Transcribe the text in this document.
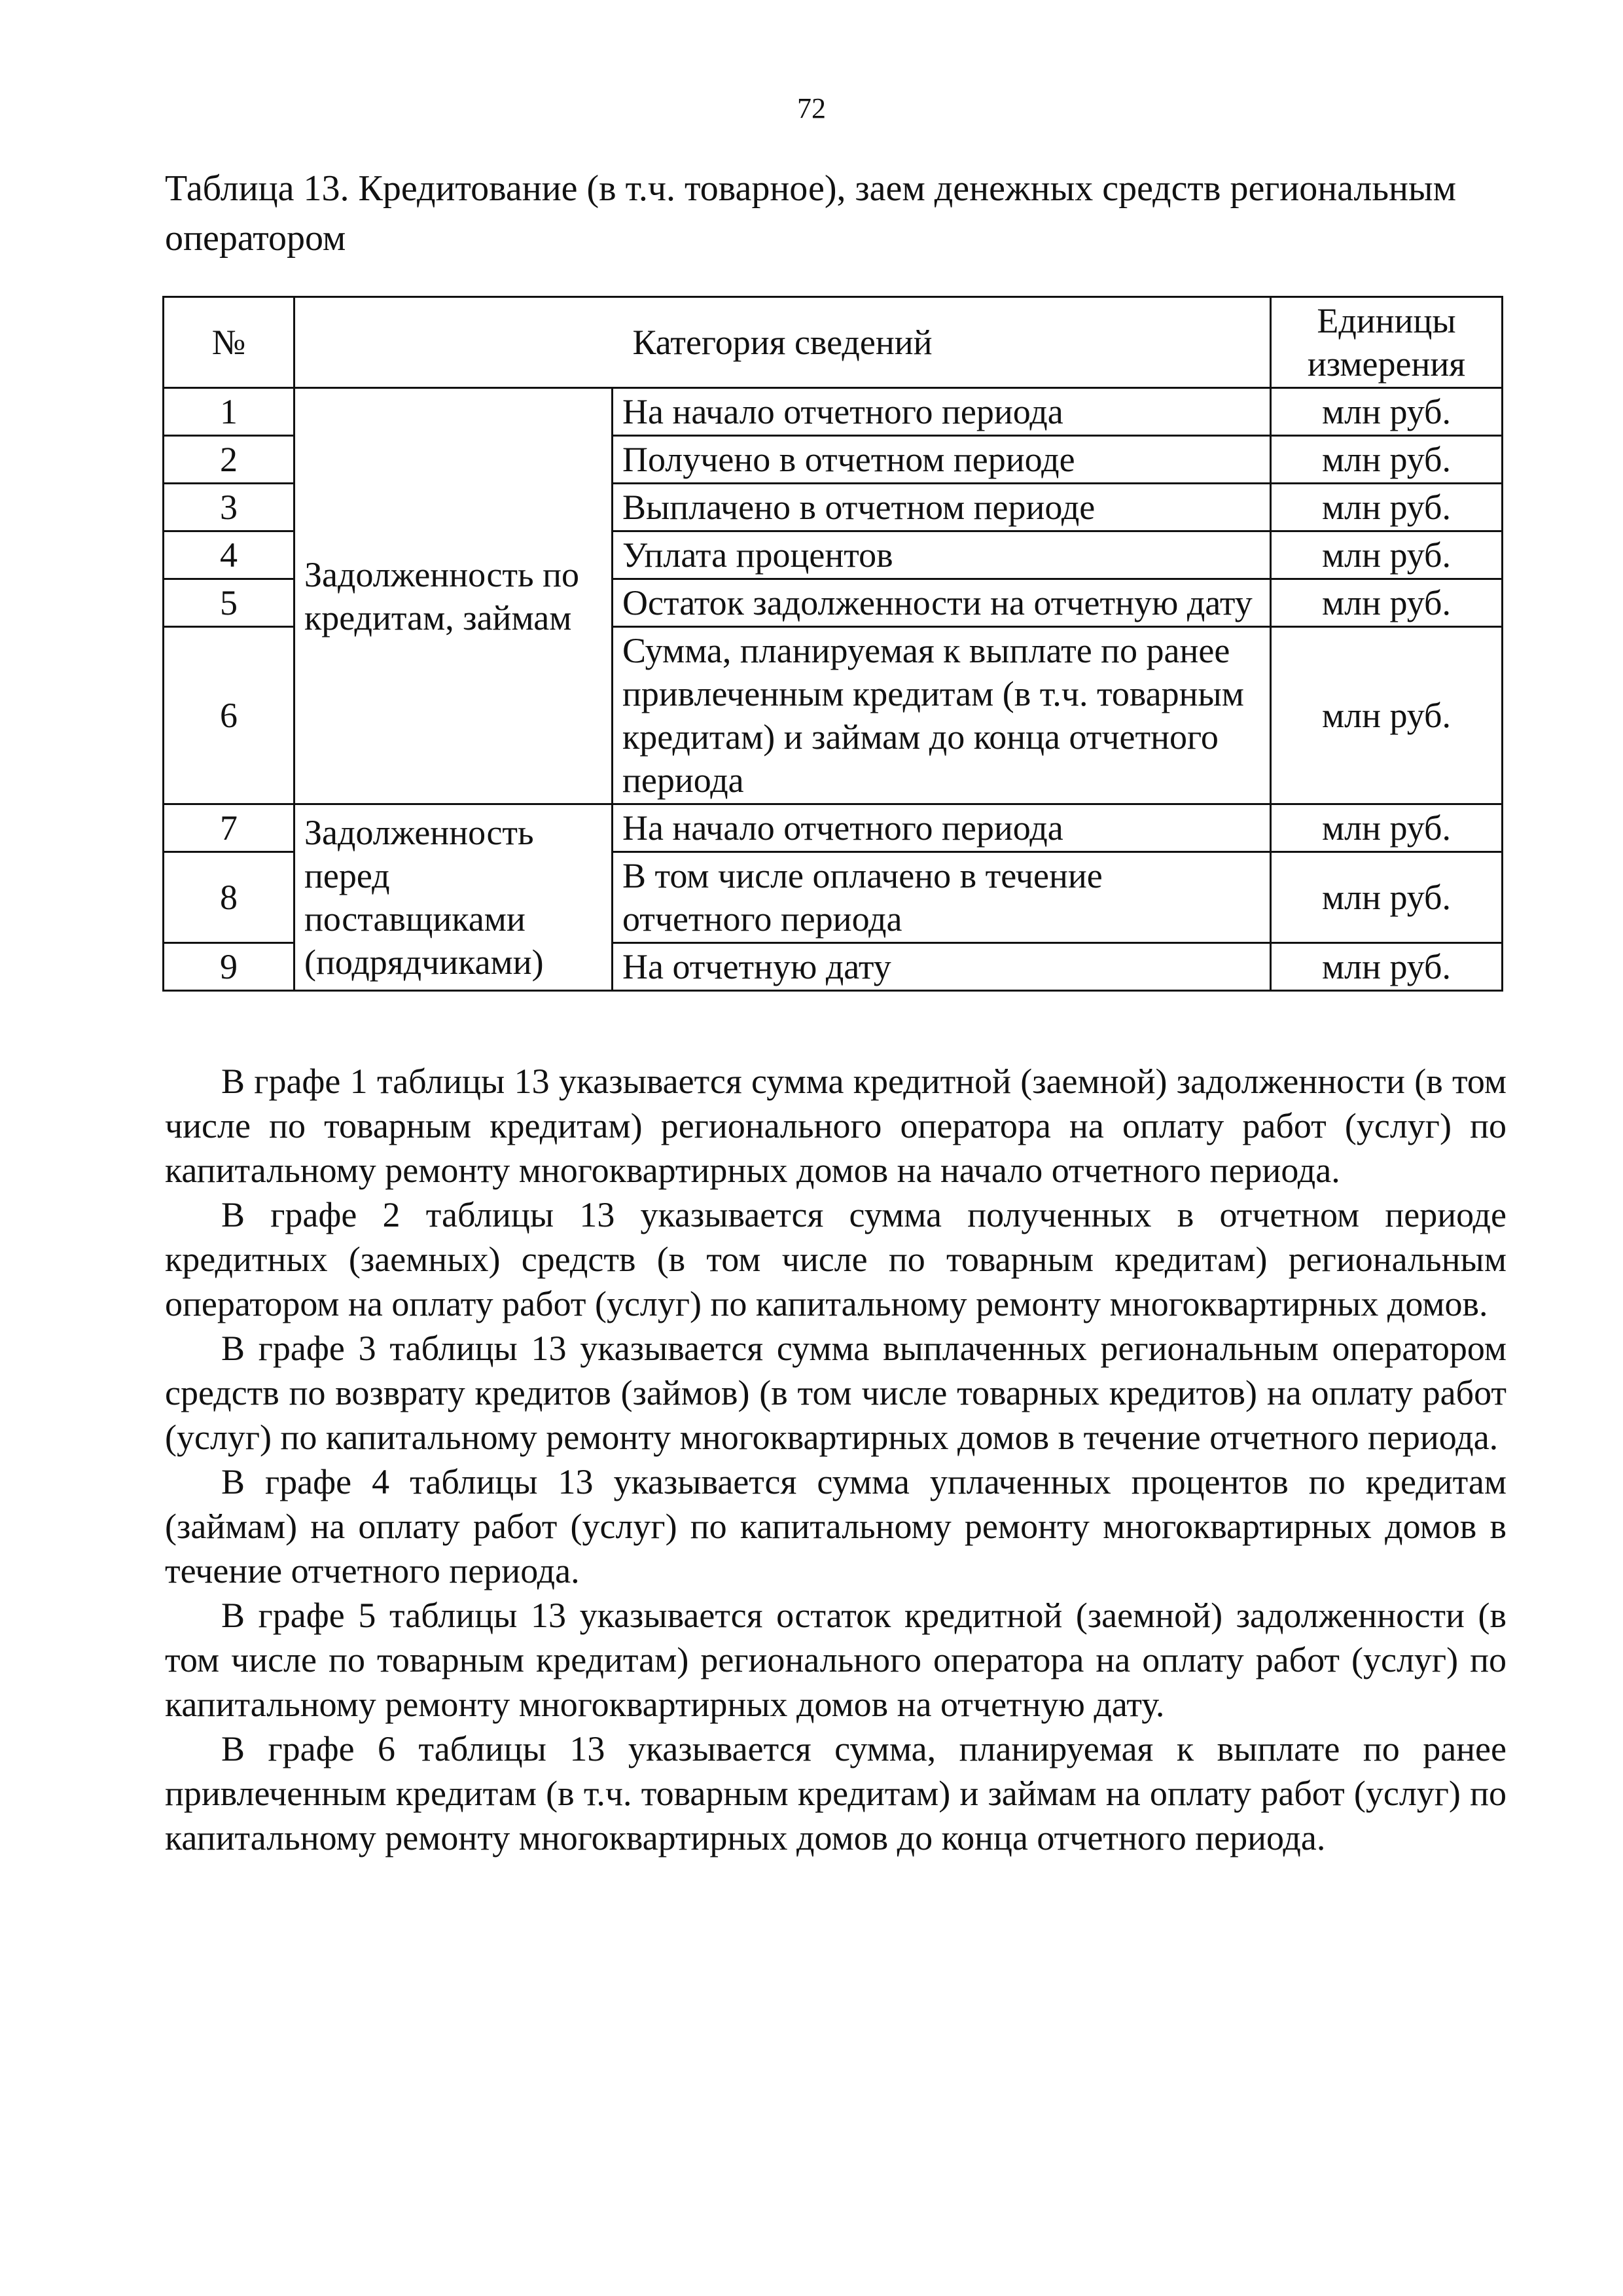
72
Таблица 13. Кредитование (в т.ч. товарное), заем денежных средств региональным оператором
№	Категория сведений		Единицы измерения
1	Задолженность по кредитам, займам	На начало отчетного периода	млн руб.
2		Получено в отчетном периоде	млн руб.
3		Выплачено в отчетном периоде	млн руб.
4		Уплата процентов	млн руб.
5		Остаток задолженности на отчетную дату	млн руб.
6		Сумма, планируемая к выплате по ранее привлеченным кредитам (в т.ч. товарным кредитам) и займам до конца отчетного периода	млн руб.
7	Задолженность перед поставщиками (подрядчиками)	На начало отчетного периода	млн руб.
8		В том числе оплачено в течение отчетного периода	млн руб.
9		На отчетную дату	млн руб.

В графе 1 таблицы 13 указывается сумма кредитной (заемной) задолженности (в том числе по товарным кредитам) регионального оператора на оплату работ (услуг) по капитальному ремонту многоквартирных домов на начало отчетного периода.

В графе 2 таблицы 13 указывается сумма полученных в отчетном периоде кредитных (заемных) средств (в том числе по товарным кредитам) региональным оператором на оплату работ (услуг) по капитальному ремонту многоквартирных домов.

В графе 3 таблицы 13 указывается сумма выплаченных региональным оператором средств по возврату кредитов (займов) (в том числе товарных кредитов) на оплату работ (услуг) по капитальному ремонту многоквартирных домов в течение отчетного периода.

В графе 4 таблицы 13 указывается сумма уплаченных процентов по кредитам (займам) на оплату работ (услуг) по капитальному ремонту многоквартирных домов в течение отчетного периода.

В графе 5 таблицы 13 указывается остаток кредитной (заемной) задолженности (в том числе по товарным кредитам) регионального оператора на оплату работ (услуг) по капитальному ремонту многоквартирных домов на отчетную дату.

В графе 6 таблицы 13 указывается сумма, планируемая к выплате по ранее привлеченным кредитам (в т.ч. товарным кредитам) и займам на оплату работ (услуг) по капитальному ремонту многоквартирных домов до конца отчетного периода.
